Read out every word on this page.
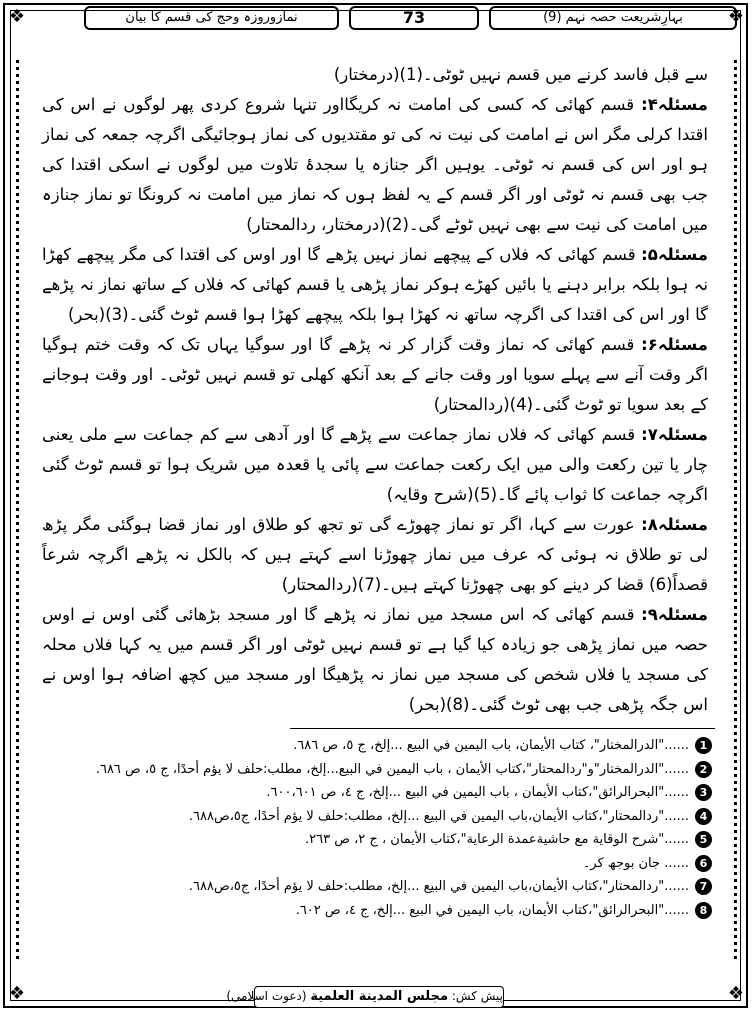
❖	❖
❖	❖
بہارِشریعت حصہ نہم (9)
73
نمازوروزہ وحج کی قسم کا بیان

سے قبل فاسد کرنے میں قسم نہیں ٹوٹی۔(1)(درمختار)

مسئلہ۴: قسم کھائی کہ کسی کی امامت نہ کریگااور تنہا شروع کردی پھر لوگوں نے اس کی اقتدا کرلی مگر اس نے امامت کی نیت نہ کی تو مقتدیوں کی نماز ہوجائیگی اگرچہ جمعہ کی نماز ہو اور اس کی قسم نہ ٹوٹی۔ یوہیں اگر جنازہ یا سجدۂ تلاوت میں لوگوں نے اسکی اقتدا کی جب بھی قسم نہ ٹوٹی اور اگر قسم کے یہ لفظ ہوں کہ نماز میں امامت نہ کرونگا تو نماز جنازہ میں امامت کی نیت سے بھی نہیں ٹوٹے گی۔(2)(درمختار، ردالمحتار)

مسئلہ۵: قسم کھائی کہ فلاں کے پیچھے نماز نہیں پڑھے گا اور اوس کی اقتدا کی مگر پیچھے کھڑا نہ ہوا بلکہ برابر دہنے یا بائیں کھڑے ہوکر نماز پڑھی یا قسم کھائی کہ فلاں کے ساتھ نماز نہ پڑھے گا اور اس کی اقتدا کی اگرچہ ساتھ نہ کھڑا ہوا بلکہ پیچھے کھڑا ہوا قسم ٹوٹ گئی۔(3)(بحر)

مسئلہ۶: قسم کھائی کہ نماز وقت گزار کر نہ پڑھے گا اور سوگیا یہاں تک کہ وقت ختم ہوگیا اگر وقت آنے سے پہلے سویا اور وقت جانے کے بعد آنکھ کھلی تو قسم نہیں ٹوٹی۔ اور وقت ہوجانے کے بعد سویا تو ٹوٹ گئی۔(4)(ردالمحتار)

مسئلہ۷: قسم کھائی کہ فلاں نماز جماعت سے پڑھے گا اور آدھی سے کم جماعت سے ملی یعنی چار یا تین رکعت والی میں ایک رکعت جماعت سے پائی یا قعدہ میں شریک ہوا تو قسم ٹوٹ گئی اگرچہ جماعت کا ثواب پائے گا۔(5)(شرح وقایہ)

مسئلہ۸: عورت سے کہا، اگر تو نماز چھوڑے گی تو تجھ کو طلاق اور نماز قضا ہوگئی مگر پڑھ لی تو طلاق نہ ہوئی کہ عرف میں نماز چھوڑنا اسے کہتے ہیں کہ بالکل نہ پڑھے اگرچہ شرعاً قصداً(6) قضا کر دینے کو بھی چھوڑنا کہتے ہیں۔(7)(ردالمحتار)

مسئلہ۹: قسم کھائی کہ اس مسجد میں نماز نہ پڑھے گا اور مسجد بڑھائی گئی اوس نے اوس حصہ میں نماز پڑھی جو زیادہ کیا گیا ہے تو قسم نہیں ٹوٹی اور اگر قسم میں یہ کہا فلاں محلہ کی مسجد یا فلاں شخص کی مسجد میں نماز نہ پڑھیگا اور مسجد میں کچھ اضافہ ہوا اوس نے اس جگہ پڑھی جب بھی ٹوٹ گئی۔(8)(بحر)

1
......"الدرالمختار"، كتاب الأيمان، باب اليمين في البيع ...إلخ، ج ٥، ص ٦٨٦.
2
......"الدرالمختار"و"ردالمحتار"،كتاب الأيمان ، باب اليمين في البيع...إلخ، مطلب:حلف لا يؤم أحدًا، ج ٥، ص ٦٨٦.
3
......"البحرالرائق"،كتاب الأيمان ، باب اليمين في البيع ...إلخ، ج ٤، ص ٦٠٠،٦٠١.
4
......"ردالمحتار"،كتاب الأيمان،باب اليمين في البيع ...إلخ، مطلب:حلف لا يؤم أحدًا، ج٥،ص٦٨٨.
5
......"شرح الوقاية مع حاشيةعمدة الرعاية"،كتاب الأيمان ، ج ٢، ص ٢٦٣.
6
...... جان بوجھ کر۔
7
......"ردالمحتار"،كتاب الأيمان،باب اليمين في البيع ...إلخ، مطلب:حلف لا يؤم أحدًا، ج٥،ص٦٨٨.
8
......"البحرالرائق"،كتاب الأيمان، باب اليمين في البيع ...إلخ، ج ٤، ص ٦٠٢.
پیش کش: مجلس المدينة العلمية (دعوت اسلامی)
